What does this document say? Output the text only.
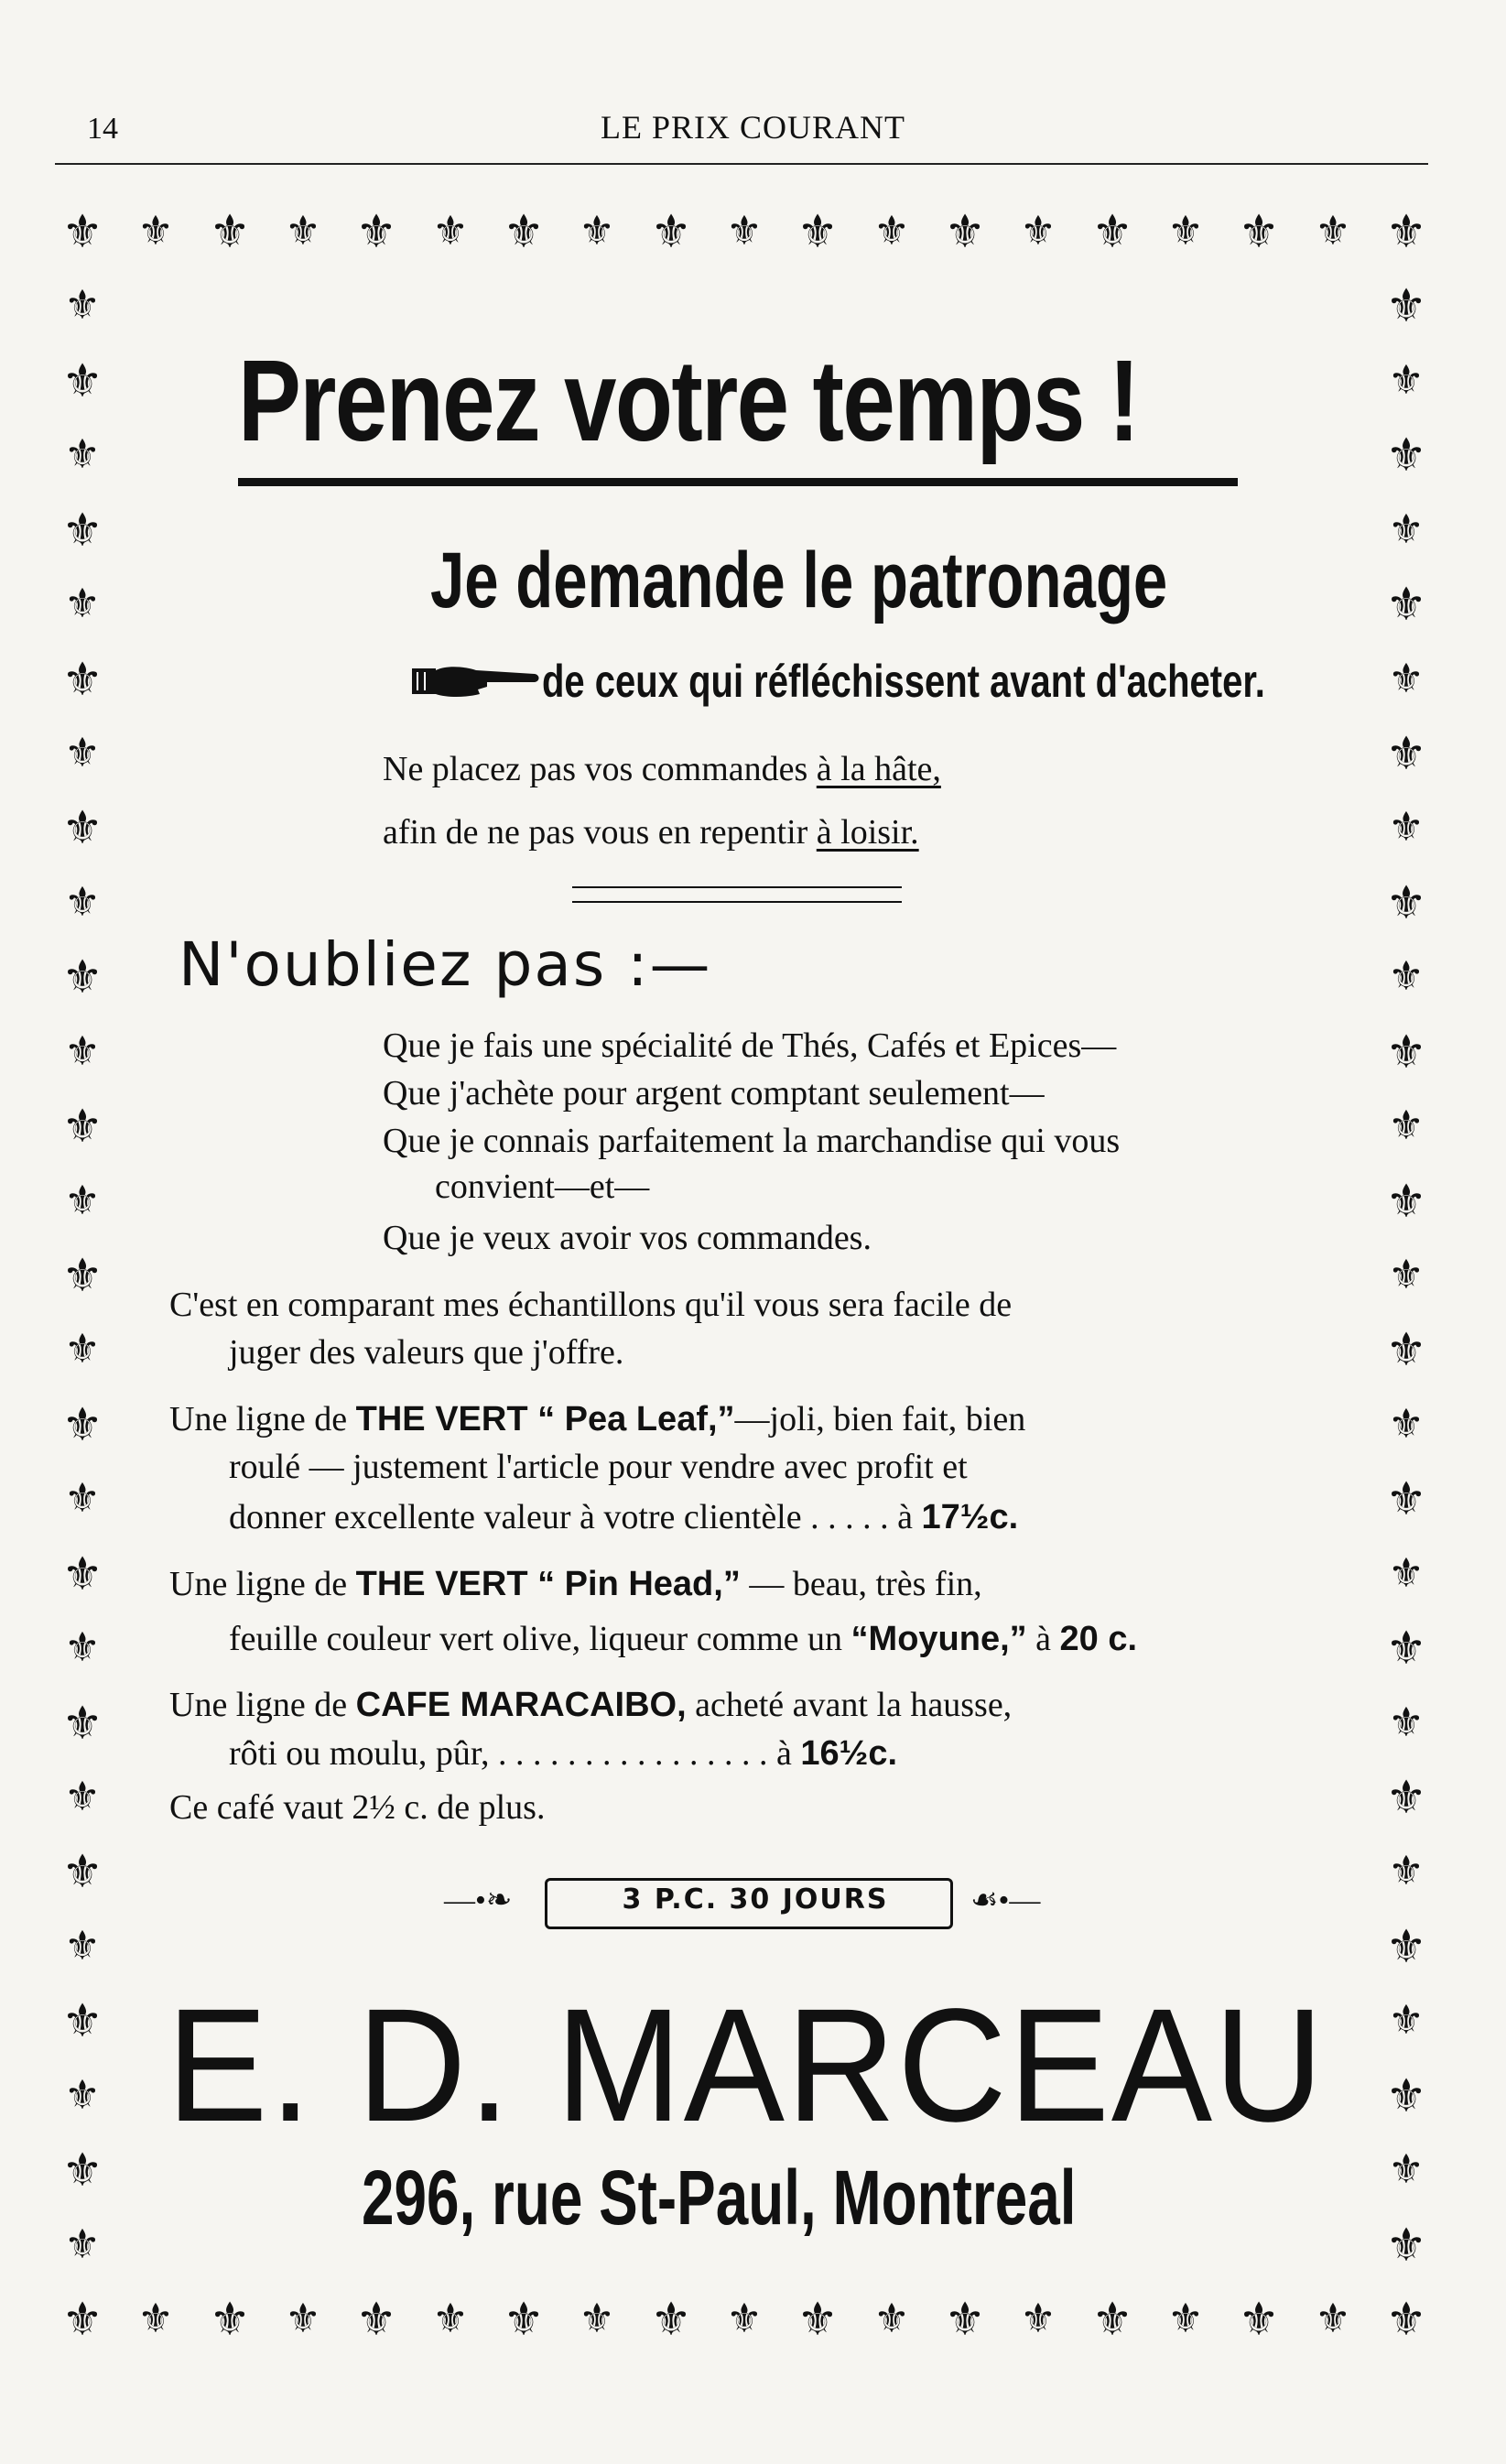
14	LE PRIX COURANT
⚜
⚜
⚜
⚜
⚜
⚜
⚜
⚜
⚜
⚜
⚜
⚜
⚜
⚜
⚜
⚜
⚜
⚜
⚜
⚜
⚜
⚜
⚜
⚜
⚜
⚜
⚜
⚜
⚜
⚜
⚜
⚜
⚜
⚜
⚜
⚜
⚜
⚜
⚜	⚜
⚜	⚜
⚜	⚜
⚜	⚜
⚜	⚜
⚜	⚜
⚜	⚜
⚜	⚜
⚜	⚜
⚜	⚜
⚜	⚜
⚜	⚜
⚜	⚜
⚜	⚜
⚜	⚜
⚜	⚜
⚜	⚜
⚜	⚜
⚜	⚜
⚜	⚜
⚜	⚜
⚜	⚜
⚜	⚜
⚜	⚜
⚜	⚜
⚜	⚜
⚜	⚜
Prenez votre temps !
Je demande le patronage
de ceux qui réfléchissent avant d'acheter.
Ne placez pas vos commandes à la hâte,
afin de ne pas vous en repentir à loisir.
N'oubliez pas :—
Que je fais une spécialité de Thés, Cafés et Epices—
Que j'achète pour argent comptant seulement—
Que je connais parfaitement la marchandise qui vous
convient—et—
Que je veux avoir vos commandes.
C'est en comparant mes échantillons qu'il vous sera facile de
juger des valeurs que j'offre.
Une ligne de THE VERT “ Pea Leaf,”—joli, bien fait, bien
roulé — justement l'article pour vendre avec profit et
donner excellente valeur à votre clientèle . . . . . à 17½c.
Une ligne de THE VERT “ Pin Head,” — beau, très fin,
feuille couleur vert olive, liqueur comme un “Moyune,” à 20 c.
Une ligne de CAFE MARACAIBO, acheté avant la hausse,
rôti ou moulu, pûr, . . . . . . . . . . . . . . . . à 16½c.
Ce café vaut 2½ c. de plus.
—•❧	3 P.C. 30 JOURS	☙•—
E. D. MARCEAU
296, rue St-Paul, Montreal
